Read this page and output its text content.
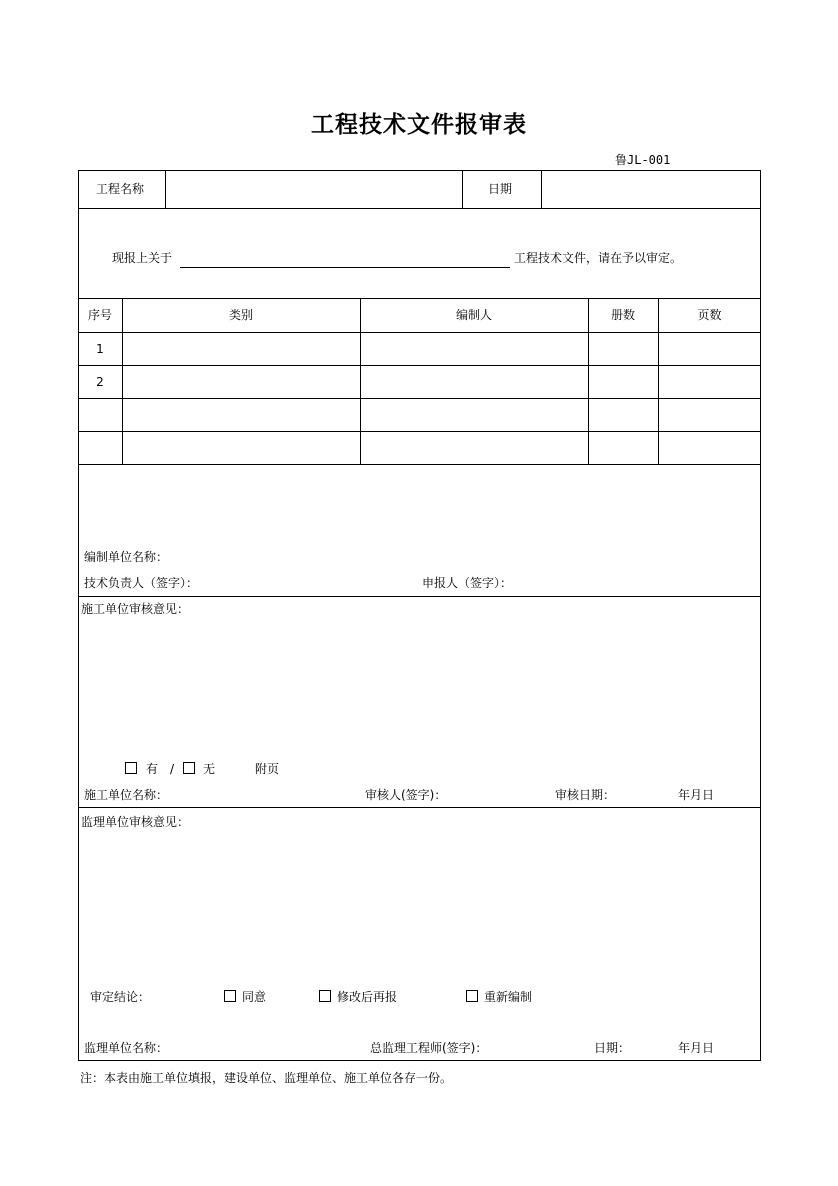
工程技术文件报审表
鲁JL-001
工程名称	日期
现报上关于	工程技术文件，请在予以审定。
序号	类别	编制人	册数	页数
1
2
编制单位名称：
技术负责人（签字）：	申报人（签字）：
施工单位审核意见：
有 / 无	附页
施工单位名称：	审核人(签字)：	审核日期：	年月日
监理单位审核意见：
审定结论：	同意	修改后再报	重新编制
监理单位名称：	总监理工程师(签字)：	日期：	年月日
注：本表由施工单位填报，建设单位、监理单位、施工单位各存一份。
